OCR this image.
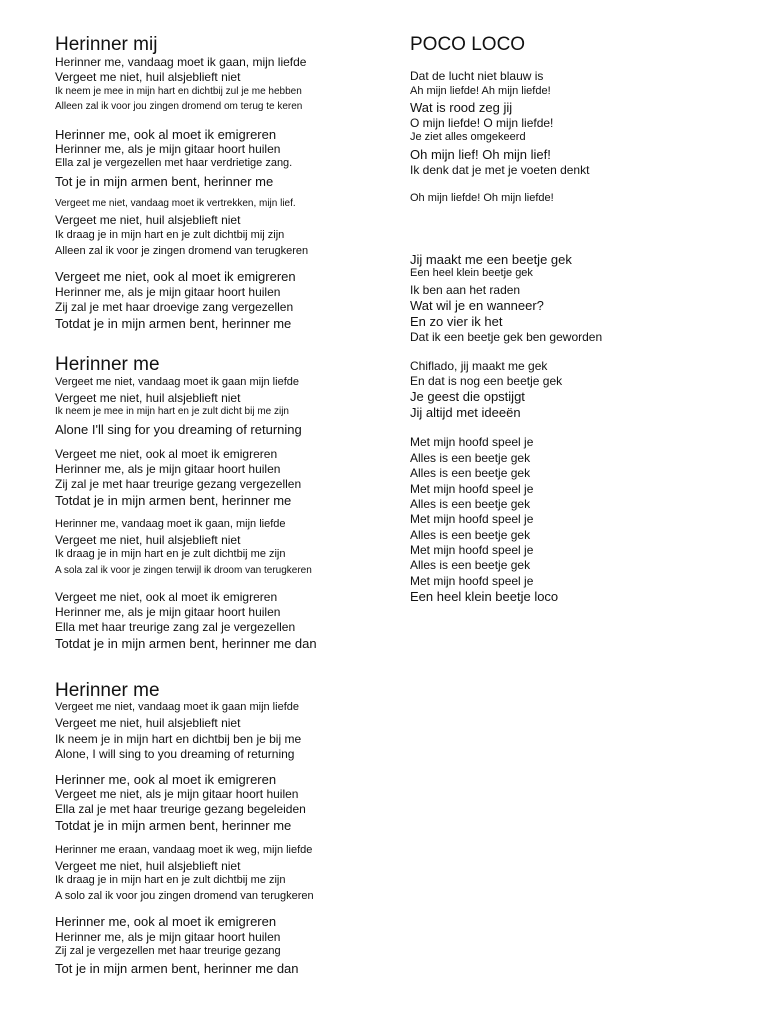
Herinner mij
Herinner me, vandaag moet ik gaan, mijn liefde
Vergeet me niet, huil alsjeblieft niet
Ik neem je mee in mijn hart en dichtbij zul je me hebben
Alleen zal ik voor jou zingen dromend om terug te keren
Herinner me, ook al moet ik emigreren
Herinner me, als je mijn gitaar hoort huilen
Ella zal je vergezellen met haar verdrietige zang.
Tot je in mijn armen bent, herinner me
Vergeet me niet, vandaag moet ik vertrekken, mijn lief.
Vergeet me niet, huil alsjeblieft niet
Ik draag je in mijn hart en je zult dichtbij mij zijn
Alleen zal ik voor je zingen dromend van terugkeren
Vergeet me niet, ook al moet ik emigreren
Herinner me, als je mijn gitaar hoort huilen
Zij zal je met haar droevige zang vergezellen
Totdat je in mijn armen bent, herinner me
Herinner me
Vergeet me niet, vandaag moet ik gaan mijn liefde
Vergeet me niet, huil alsjeblieft niet
Ik neem je mee in mijn hart en je zult dicht bij me zijn
Alone I'll sing for you dreaming of returning
Vergeet me niet, ook al moet ik emigreren
Herinner me, als je mijn gitaar hoort huilen
Zij zal je met haar treurige gezang vergezellen
Totdat je in mijn armen bent, herinner me
Herinner me, vandaag moet ik gaan, mijn liefde
Vergeet me niet, huil alsjeblieft niet
Ik draag je in mijn hart en je zult dichtbij me zijn
A sola zal ik voor je zingen terwijl ik droom van terugkeren
Vergeet me niet, ook al moet ik emigreren
Herinner me, als je mijn gitaar hoort huilen
Ella met haar treurige zang zal je vergezellen
Totdat je in mijn armen bent, herinner me dan
Herinner me
Vergeet me niet, vandaag moet ik gaan mijn liefde
Vergeet me niet, huil alsjeblieft niet
Ik neem je in mijn hart en dichtbij ben je bij me
Alone, I will sing to you dreaming of returning
Herinner me, ook al moet ik emigreren
Vergeet me niet, als je mijn gitaar hoort huilen
Ella zal je met haar treurige gezang begeleiden
Totdat je in mijn armen bent, herinner me
Herinner me eraan, vandaag moet ik weg, mijn liefde
Vergeet me niet, huil alsjeblieft niet
Ik draag je in mijn hart en je zult dichtbij me zijn
A solo zal ik voor jou zingen dromend van terugkeren
Herinner me, ook al moet ik emigreren
Herinner me, als je mijn gitaar hoort huilen
Zij zal je vergezellen met haar treurige gezang
Tot je in mijn armen bent, herinner me dan
POCO LOCO
Dat de lucht niet blauw is
Ah mijn liefde! Ah mijn liefde!
Wat is rood zeg jij
O mijn liefde! O mijn liefde!
Je ziet alles omgekeerd
Oh mijn lief! Oh mijn lief!
Ik denk dat je met je voeten denkt
Oh mijn liefde! Oh mijn liefde!
Jij maakt me een beetje gek
Een heel klein beetje gek
Ik ben aan het raden
Wat wil je en wanneer?
En zo vier ik het
Dat ik een beetje gek ben geworden
Chiflado, jij maakt me gek
En dat is nog een beetje gek
Je geest die opstijgt
Jij altijd met ideeën
Met mijn hoofd speel je
Alles is een beetje gek
Alles is een beetje gek
Met mijn hoofd speel je
Alles is een beetje gek
Met mijn hoofd speel je
Alles is een beetje gek
Met mijn hoofd speel je
Alles is een beetje gek
Met mijn hoofd speel je
Een heel klein beetje loco
